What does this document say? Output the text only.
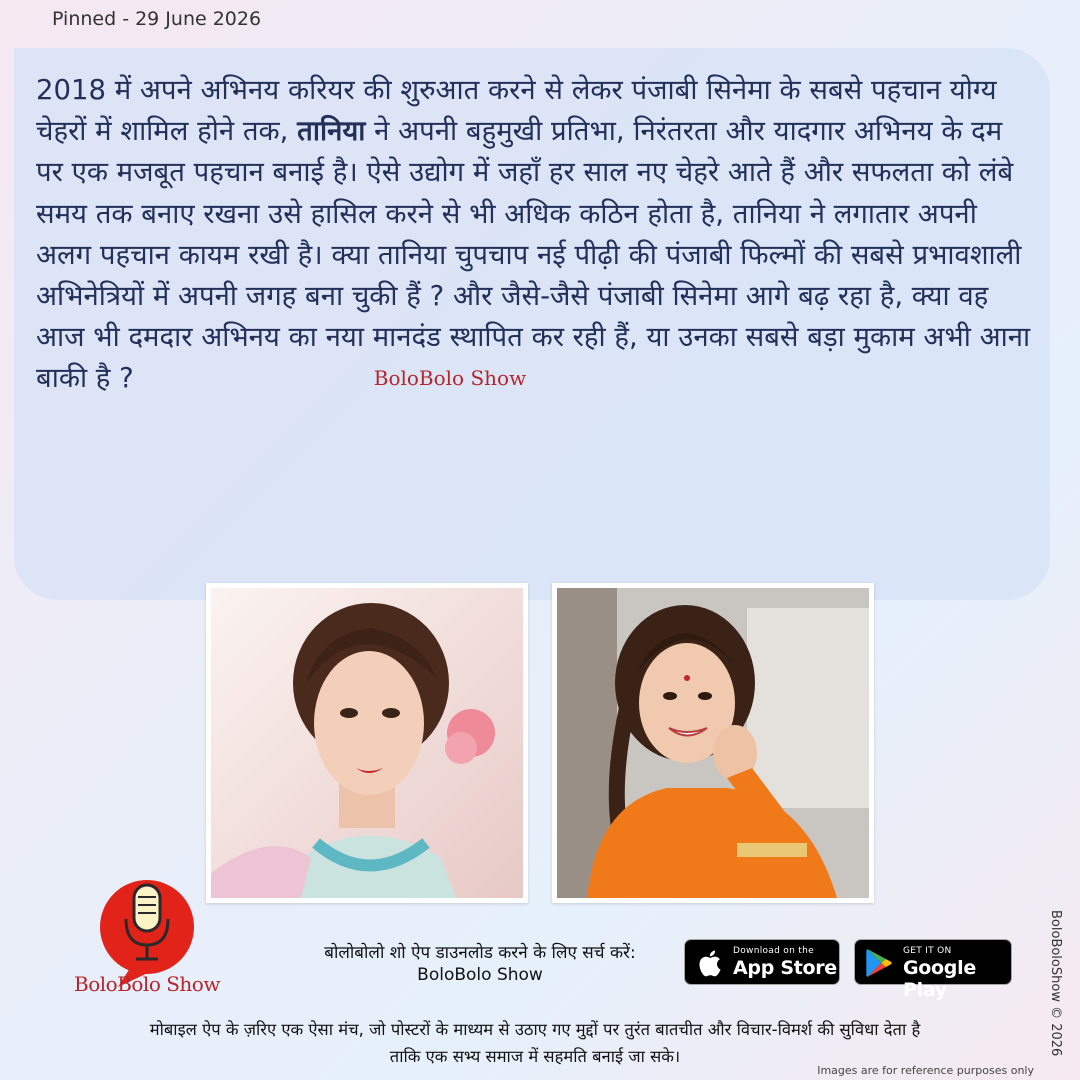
Pinned - 29 June 2026
2018 में अपने अभिनय करियर की शुरुआत करने से लेकर पंजाबी सिनेमा के सबसे पहचान योग्य चेहरों में शामिल होने तक, तानिया ने अपनी बहुमुखी प्रतिभा, निरंतरता और यादगार अभिनय के दम पर एक मजबूत पहचान बनाई है। ऐसे उद्योग में जहाँ हर साल नए चेहरे आते हैं और सफलता को लंबे समय तक बनाए रखना उसे हासिल करने से भी अधिक कठिन होता है, तानिया ने लगातार अपनी अलग पहचान कायम रखी है। क्या तानिया चुपचाप नई पीढ़ी की पंजाबी फिल्मों की सबसे प्रभावशाली अभिनेत्रियों में अपनी जगह बना चुकी हैं ? और जैसे-जैसे पंजाबी सिनेमा आगे बढ़ रहा है, क्या वह आज भी दमदार अभिनय का नया मानदंड स्थापित कर रही हैं, या उनका सबसे बड़ा मुकाम अभी आना बाकी है ?	BoloBolo Show
BoloBolo Show
बोलोबोलो शो ऐप डाउनलोड करने के लिए सर्च करें:
BoloBolo Show
Download on the
App Store
GET IT ON
Google Play
मोबाइल ऐप के ज़रिए एक ऐसा मंच, जो पोस्टरों के माध्यम से उठाए गए मुद्दों पर तुरंत बातचीत और विचार-विमर्श की सुविधा देता है
ताकि एक सभ्य समाज में सहमति बनाई जा सके।
BoloBoloShow © 2026
Images are for reference purposes only
